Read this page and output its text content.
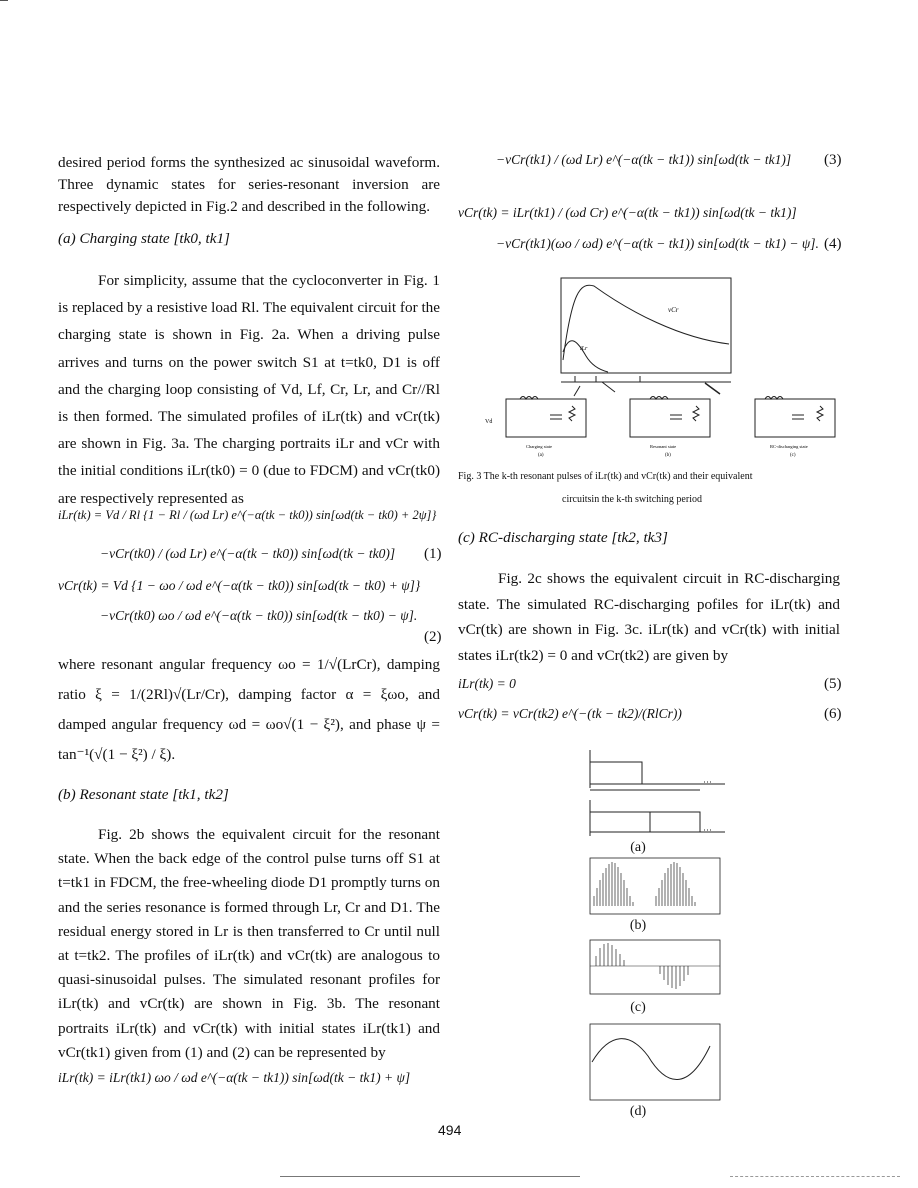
desired period forms the synthesized ac sinusoidal waveform. Three dynamic states for series-resonant inversion are respectively depicted in Fig.2 and described in the following.
(a) Charging state [tk0, tk1]
For simplicity, assume that the cycloconverter in Fig. 1 is replaced by a resistive load Rl. The equivalent circuit for the charging state is shown in Fig. 2a. When a driving pulse arrives and turns on the power switch S1 at t=tk0, D1 is off and the charging loop consisting of Vd, Lf, Cr, Lr, and Cr//Rl is then formed. The simulated profiles of iLr(tk) and vCr(tk) are shown in Fig. 3a. The charging portraits iLr and vCr with the initial conditions iLr(tk0) = 0 (due to FDCM) and vCr(tk0) are respectively represented as
iLr(tk) = Vd / Rl {1 − Rl / (ωd Lr) e^(−α(tk − tk0)) sin[ωd(tk − tk0) + 2ψ]}
−vCr(tk0) / (ωd Lr) e^(−α(tk − tk0)) sin[ωd(tk − tk0)] (1)
vCr(tk) = Vd {1 − ωo / ωd e^(−α(tk − tk0)) sin[ωd(tk − tk0) + ψ]}
−vCr(tk0) ωo / ωd e^(−α(tk − tk0)) sin[ωd(tk − tk0) − ψ].
(2)
where resonant angular frequency ωo = 1/√(LrCr), damping ratio ξ = 1/(2Rl)√(Lr/Cr), damping factor α = ξωo, and damped angular frequency ωd = ωo√(1 − ξ²), and phase ψ = tan⁻¹(√(1 − ξ²) / ξ).
(b) Resonant state [tk1, tk2]
Fig. 2b shows the equivalent circuit for the resonant state. When the back edge of the control pulse turns off S1 at t=tk1 in FDCM, the free-wheeling diode D1 promptly turns on and the series resonance is formed through Lr, Cr and D1. The residual energy stored in Lr is then transferred to Cr until null at t=tk2. The profiles of iLr(tk) and vCr(tk) are analogous to quasi-sinusoidal pulses. The simulated resonant profiles for iLr(tk) and vCr(tk) are shown in Fig. 3b. The resonant portraits iLr(tk) and vCr(tk) with initial states iLr(tk1) and vCr(tk1) given from (1) and (2) can be represented by
iLr(tk) = iLr(tk1) ωo / ωd e^(−α(tk − tk1)) sin[ωd(tk − tk1) + ψ]
−vCr(tk1) / (ωd Lr) e^(−α(tk − tk1)) sin[ωd(tk − tk1)] (3)
vCr(tk) = iLr(tk1) / (ωd Cr) e^(−α(tk − tk1)) sin[ωd(tk − tk1)]
−vCr(tk1)(ωo / ωd) e^(−α(tk − tk1)) sin[ωd(tk − tk1) − ψ]. (4)
vCr
iLr
Vd
Charging state	Resonant state	RC-discharging state
(a)	(b)	(c)
Fig. 3 The k-th resonant pulses of iLr(tk) and vCr(tk) and their equivalent
circuitsin the k-th switching period
(c) RC-discharging state [tk2, tk3]
Fig. 2c shows the equivalent circuit in RC-discharging state. The simulated RC-discharging pofiles for iLr(tk) and vCr(tk) are shown in Fig. 3c. iLr(tk) and vCr(tk) with initial states iLr(tk2) = 0 and vCr(tk2) are given by
iLr(tk) = 0	(5)
vCr(tk) = vCr(tk2) e^(−(tk − tk2)/(RlCr))	(6)
(a)
(b)
(c)
(d)
494
